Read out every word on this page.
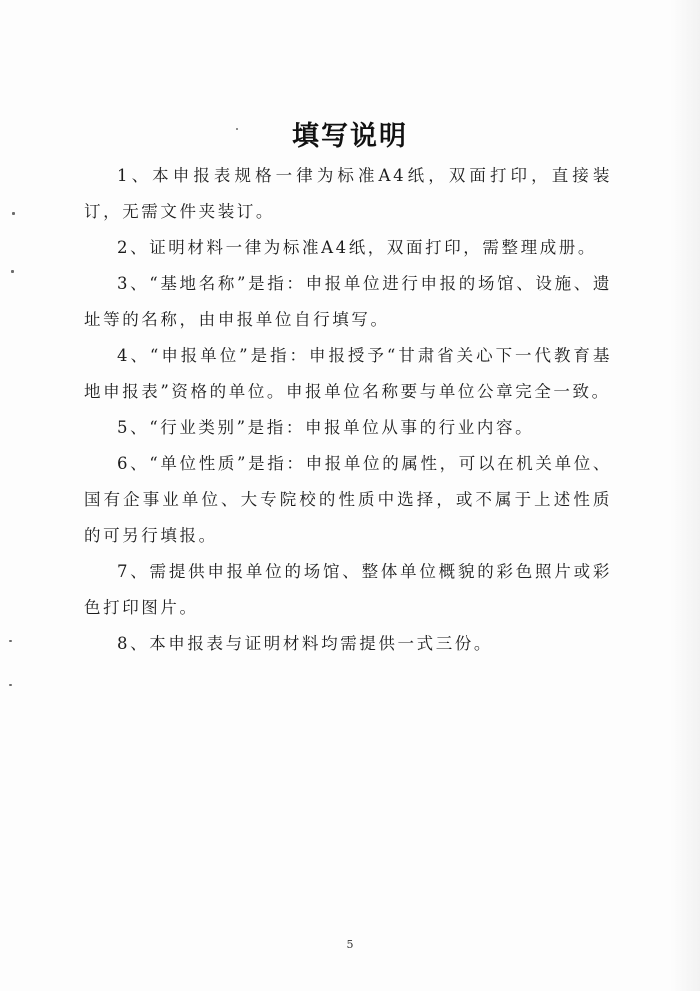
填写说明

1、本申报表规格一律为标准A4纸，双面打印，直接装订，无需文件夹装订。

2、证明材料一律为标准A4纸，双面打印，需整理成册。

3、“基地名称”是指：申报单位进行申报的场馆、设施、遗址等的名称，由申报单位自行填写。

4、“申报单位”是指：申报授予“甘肃省关心下一代教育基地申报表”资格的单位。申报单位名称要与单位公章完全一致。

5、“行业类别”是指：申报单位从事的行业内容。

6、“单位性质”是指：申报单位的属性，可以在机关单位、国有企事业单位、大专院校的性质中选择，或不属于上述性质的可另行填报。

7、需提供申报单位的场馆、整体单位概貌的彩色照片或彩色打印图片。

8、本申报表与证明材料均需提供一式三份。

5
